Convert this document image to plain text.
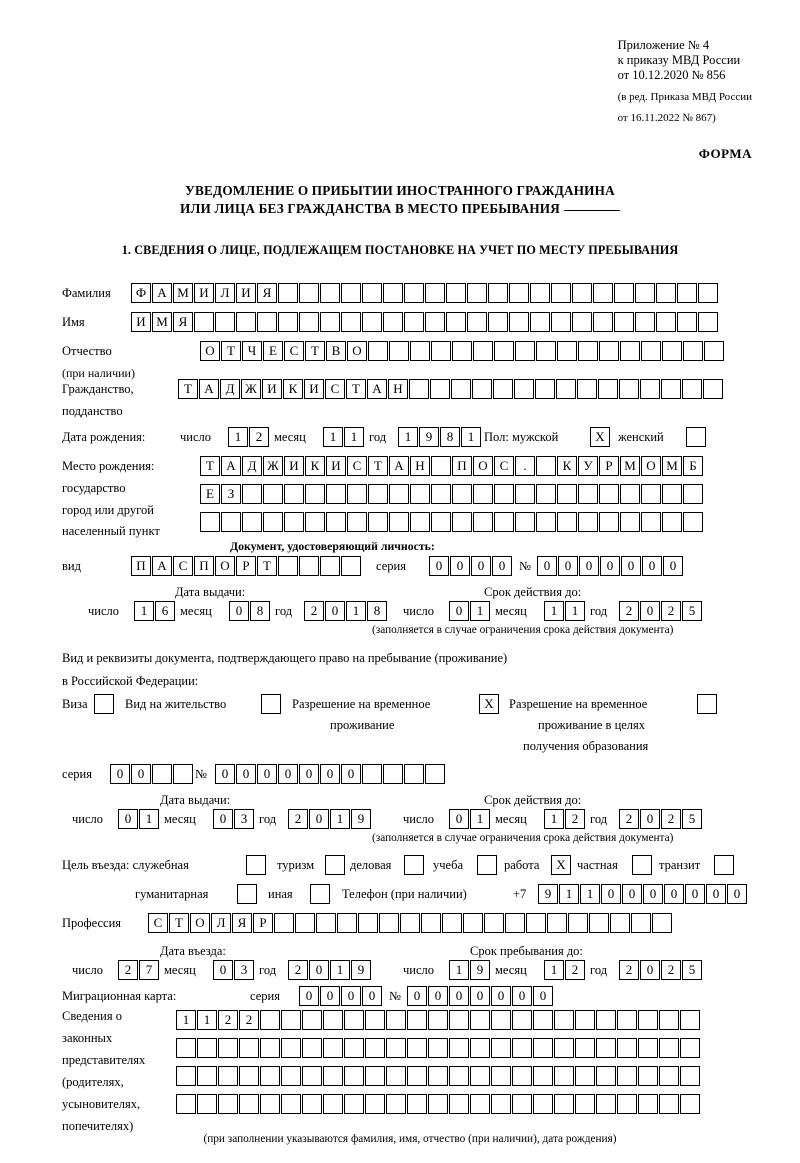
Приложение № 4
к приказу МВД России
от 10.12.2020 № 856
(в ред. Приказа МВД России
от 16.11.2022 № 867)
ФОРМА
УВЕДОМЛЕНИЕ О ПРИБЫТИИ ИНОСТРАННОГО ГРАЖДАНИНА
ИЛИ ЛИЦА БЕЗ ГРАЖДАНСТВА В МЕСТО ПРЕБЫВАНИЯ
1. СВЕДЕНИЯ О ЛИЦЕ, ПОДЛЕЖАЩЕМ ПОСТАНОВКЕ НА УЧЕТ ПО МЕСТУ ПРЕБЫВАНИЯ
Фамилия	Ф А М И Л И Я
Имя	И М Я
Отчество	О Т Ч Е С Т В О
(при наличии)
Гражданство,	Т А Д Ж И К И С Т А Н
подданство
Дата рождения:	число	1	2 месяц	1	1 год	1	9	8	1 Пол: мужской	X	женский
Место рождения:	Т А Д Ж И К И С Т А Н	П О С	.	К У Р М О М Б
государство	Е	З
город или другой
населенный пункт
Документ, удостоверяющий личность:
вид	П А С П О Р	Т	серия	0	0	0	0	№ 0	0	0	0	0	0	0
Дата выдачи:	Срок действия до:
число	1	6 месяц	0	8 год	2	0	1	8	число	0	1 месяц	1	1 год	2	0	2	5
(заполняется в случае ограничения срока действия документа)
Вид и реквизиты документа, подтверждающего право на пребывание (проживание)
в Российской Федерации:
Виза	Вид на жительство	Разрешение на временное	X	Разрешение на временное
проживание	проживание в целях
получения образования
серия	0	0	№	0	0	0	0	0	0	0
Дата выдачи:	Срок действия до:
число	0	1 месяц	0	3 год	2	0	1	9	число	0	1 месяц	1	2 год	2	0	2	5
(заполняется в случае ограничения срока действия документа)
Цель въезда: служебная	туризм	деловая	учеба	работа	X частная	транзит
гуманитарная	иная	Телефон (при наличии)	+7	9	1	1	0	0	0	0	0	0	0
Профессия	С Т О Л Я	Р
Дата въезда:	Срок пребывания до:
число	2	7 месяц	0	3 год	2	0	1	9	число	1	9 месяц	1	2 год	2	0	2	5
Миграционная карта:	серия	0	0	0	0	№ 0	0	0	0	0	0	0
Сведения о
законных
представителях
(родителях,
усыновителях,
попечителях)
1	1	2	2
(при заполнении указываются фамилия, имя, отчество (при наличии), дата рождения)
